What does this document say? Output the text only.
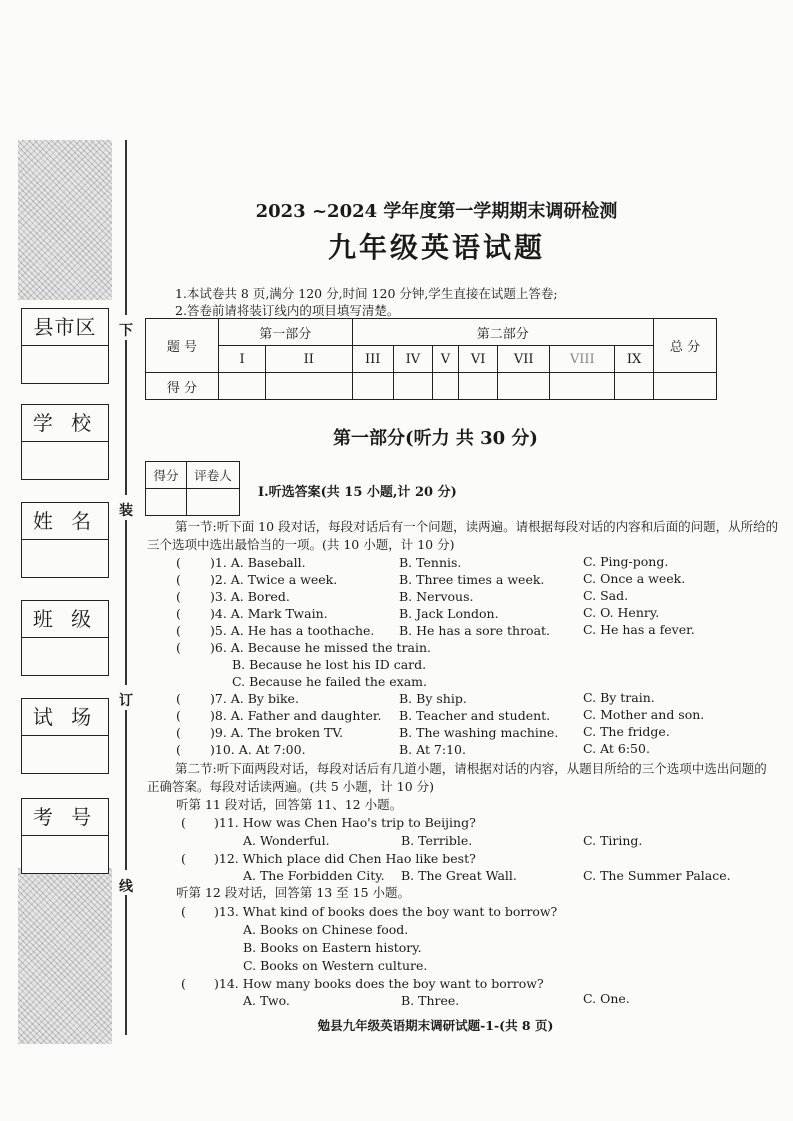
下
装
订
线
县市区
学 校
姓 名
班 级
试 场
考 号
2023 ~2024 学年度第一学期期末调研检测
九年级英语试题
1.本试卷共 8 页,满分 120 分,时间 120 分钟,学生直接在试题上答卷;
2.答卷前请将装订线内的项目填写清楚。
题 号	第一部分		第二部分							总 分
	I	II	III	IV	V	VI	VII	VIII	IX	
得 分										
第一部分(听力 共 30 分)
得分	评卷人

I.听选答案(共 15 小题,计 20 分)
第一节:听下面 10 段对话，每段对话后有一个问题，读两遍。请根据每段对话的内容和后面的问题，从所给的三个选项中选出最恰当的一项。(共 10 小题，计 10 分)
( )1. A. Baseball.	B. Tennis.	C. Ping-pong.
( )2. A. Twice a week.	B. Three times a week.	C. Once a week.
( )3. A. Bored.	B. Nervous.	C. Sad.
( )4. A. Mark Twain.	B. Jack London.	C. O. Henry.
( )5. A. He has a toothache. B. He has a sore throat.	C. He has a fever.
( )6. A. Because he missed the train.
B. Because he lost his ID card.
C. Because he failed the exam.
( )7. A. By bike.	B. By ship.	C. By train.
( )8. A. Father and daughter. B. Teacher and student.	C. Mother and son.
( )9. A. The broken TV.	B. The washing machine. C. The fridge.
( )10. A. At 7:00.	B. At 7:10.	C. At 6:50.
第二节:听下面两段对话，每段对话后有几道小题，请根据对话的内容，从题目所给的三个选项中选出问题的正确答案。每段对话读两遍。(共 5 小题，计 10 分)
听第 11 段对话，回答第 11、12 小题。
( )11. How was Chen Hao's trip to Beijing?
A. Wonderful.	B. Terrible.	C. Tiring.
( )12. Which place did Chen Hao like best?
A. The Forbidden City. B. The Great Wall.	C. The Summer Palace.
听第 12 段对话，回答第 13 至 15 小题。
( )13. What kind of books does the boy want to borrow?
A. Books on Chinese food.
B. Books on Eastern history.
C. Books on Western culture.
( )14. How many books does the boy want to borrow?
A. Two.	B. Three.	C. One.
勉县九年级英语期末调研试题-1-(共 8 页)
